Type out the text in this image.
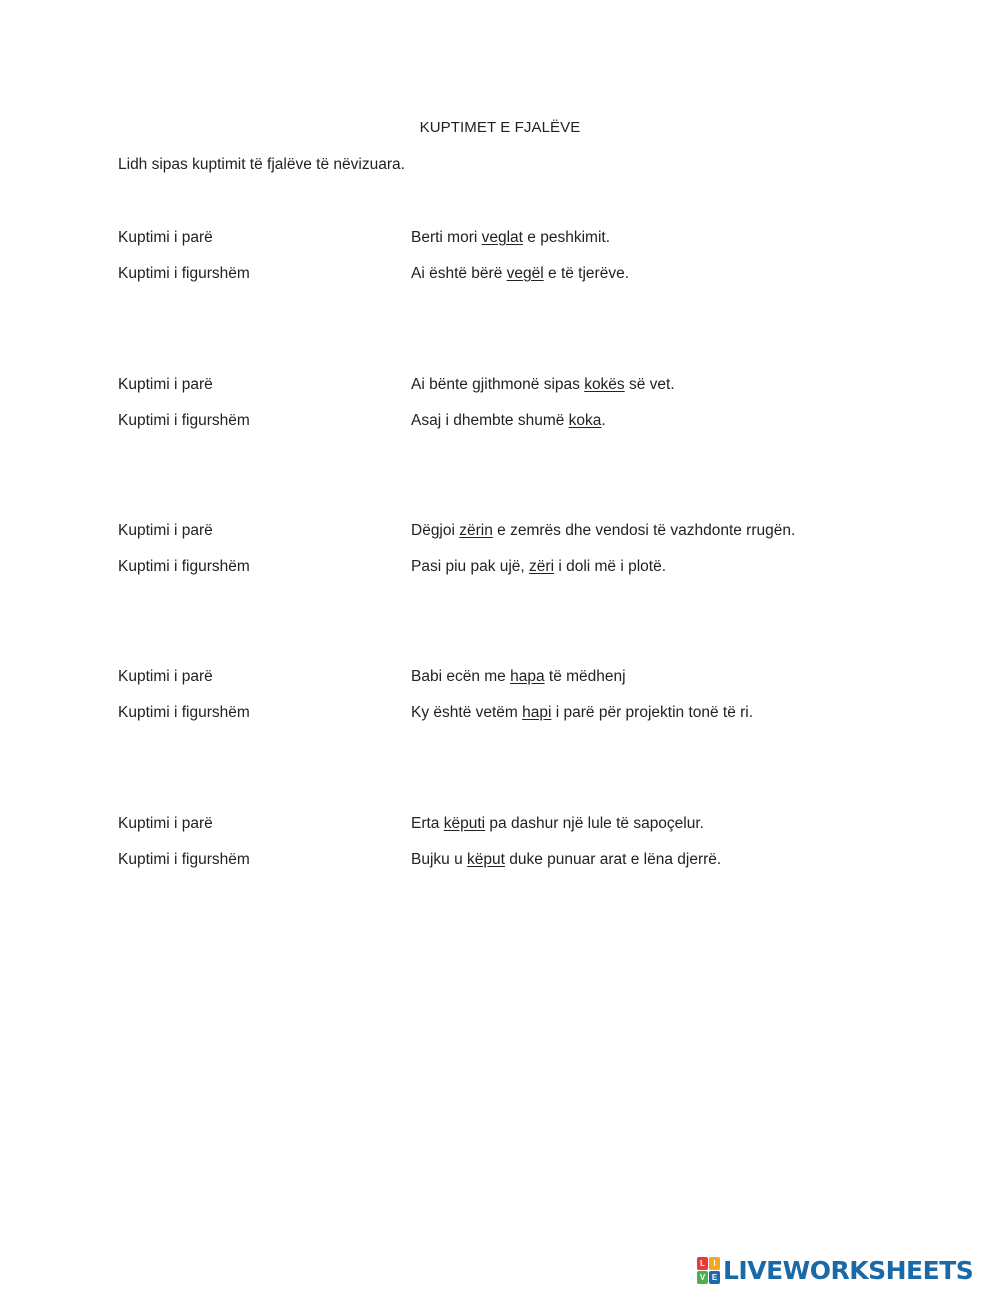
KUPTIMET E FJALËVE
Lidh sipas kuptimit të fjalëve të nëvizuara.
Kuptimi i parë	Berti mori veglat e peshkimit.
Kuptimi i figurshëm	Ai është bërë vegël e të tjerëve.
Kuptimi i parë	Ai bënte gjithmonë sipas kokës së vet.
Kuptimi i figurshëm	Asaj i dhembte shumë koka.
Kuptimi i parë	Dëgjoi zërin e zemrës dhe vendosi të vazhdonte rrugën.
Kuptimi i figurshëm	Pasi piu pak ujë, zëri i doli më i plotë.
Kuptimi i parë	Babi ecën me hapa të mëdhenj
Kuptimi i figurshëm	Ky është vetëm hapi i parë për projektin tonë të ri.
Kuptimi i parë	Erta këputi pa dashur një lule të sapoçelur.
Kuptimi i figurshëm	Bujku u këput duke punuar arat e lëna djerrë.
L	I
V E LIVEWORKSHEETS
